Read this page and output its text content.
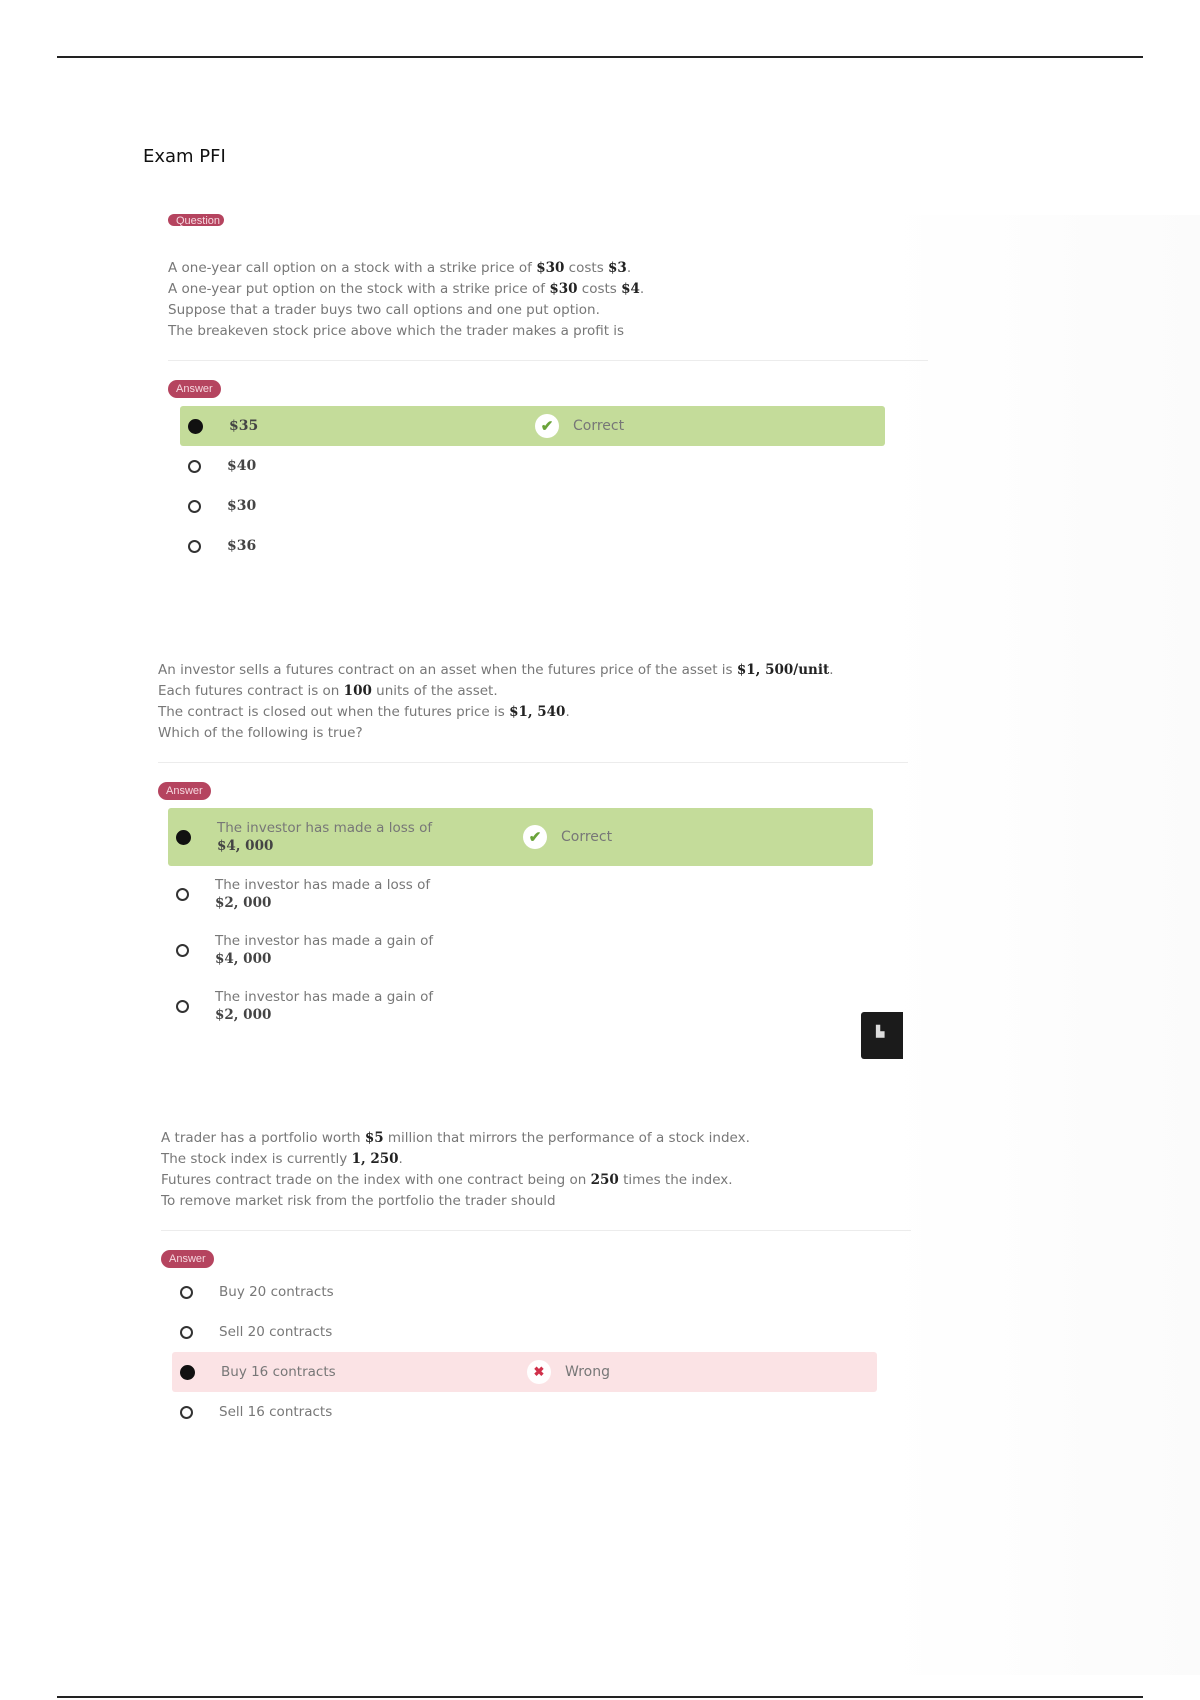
Exam PFI
Question

A one-year call option on a stock with a strike price of $30 costs $3.

A one-year put option on the stock with a strike price of $30 costs $4.

Suppose that a trader buys two call options and one put option.

The breakeven stock price above which the trader makes a profit is

Answer
$35	✔	Correct
$40
$30
$36

An investor sells a futures contract on an asset when the futures price of the asset is $1, 500/unit.

Each futures contract is on 100 units of the asset.

The contract is closed out when the futures price is $1, 540.

Which of the following is true?

Answer
The investor has made a loss of
$4, 000	✔	Correct
The investor has made a loss of
$2, 000
The investor has made a gain of
$4, 000
The investor has made a gain of
$2, 000
▙

A trader has a portfolio worth $5 million that mirrors the performance of a stock index.

The stock index is currently 1, 250.

Futures contract trade on the index with one contract being on 250 times the index.

To remove market risk from the portfolio the trader should

Answer
Buy 20 contracts
Sell 20 contracts
Buy 16 contracts	✖	Wrong
Sell 16 contracts
